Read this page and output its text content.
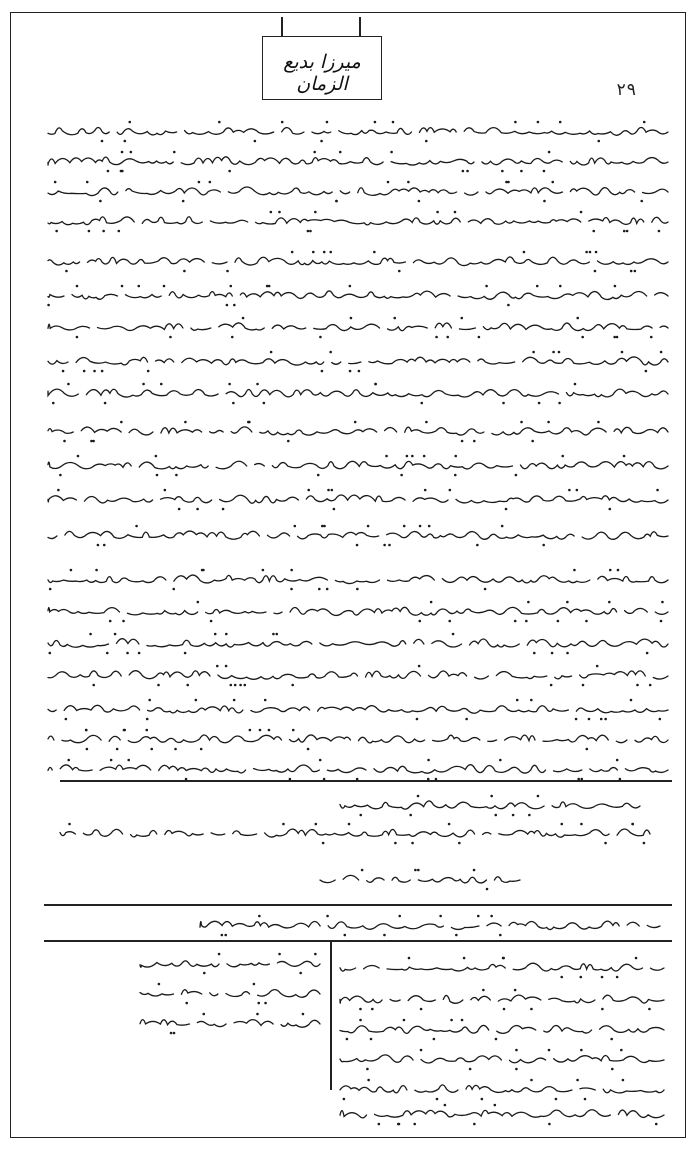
میرزا بدیع الزمان	۲۹
